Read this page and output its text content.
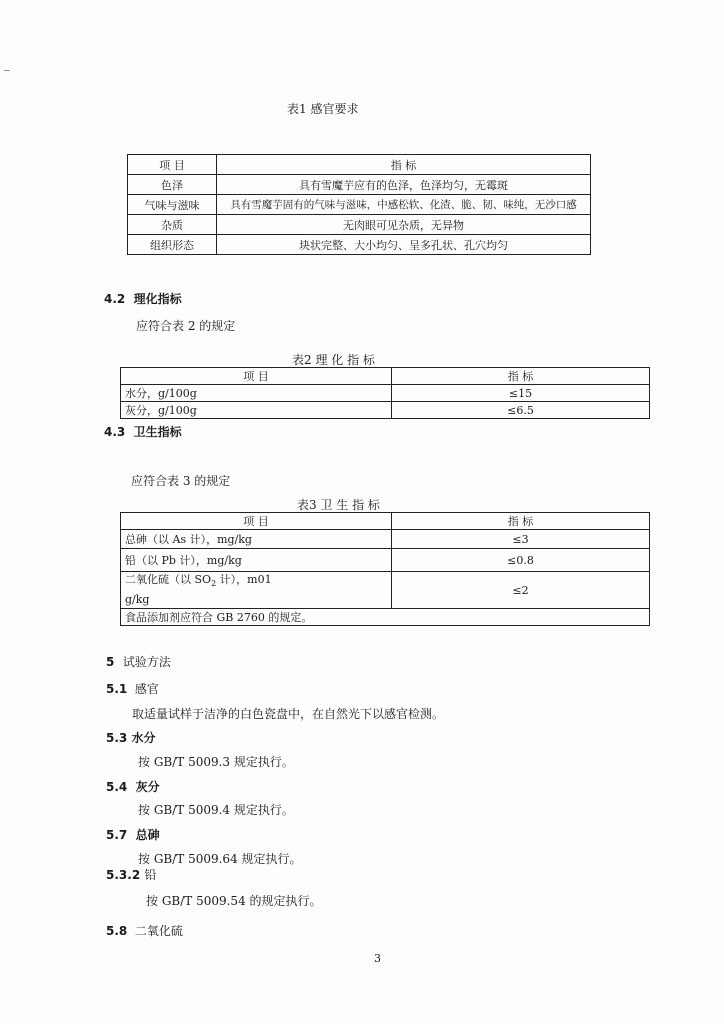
表1 感官要求
项 目	指 标
色泽	具有雪魔芋应有的色泽，色泽均匀，无霉斑
气味与滋味	具有雪魔芋固有的气味与滋味，中感松软、化渣、脆、韧、味纯，无沙口感
杂质	无肉眼可见杂质，无异物
组织形态	块状完整、大小均匀、呈多孔状、孔穴均匀
4.2 理化指标
应符合表 2 的规定
表2 理 化 指 标
项 目	指 标
水分，g/100g	≤15
灰分，g/100g	≤6.5
4.3 卫生指标
应符合表 3 的规定
表3 卫 生 指 标
项 目	指 标
总砷（以 As 计），mg/kg	≤3
铅（以 Pb 计），mg/kg	≤0.8
二氧化硫（以 $SO_2$ 计），m01
g/kg	≤2
食品添加剂应符合 GB 2760 的规定。	
5 试验方法
5.1 感官
取适量试样于洁净的白色瓷盘中，在自然光下以感官检测。
5.3 水分
按 GB/T 5009.3 规定执行。
5.4 灰分
按 GB/T 5009.4 规定执行。
5.7 总砷
按 GB/T 5009.64 规定执行。
5.3.2 铅
按 GB/T 5009.54 的规定执行。
5.8 二氧化硫
3
